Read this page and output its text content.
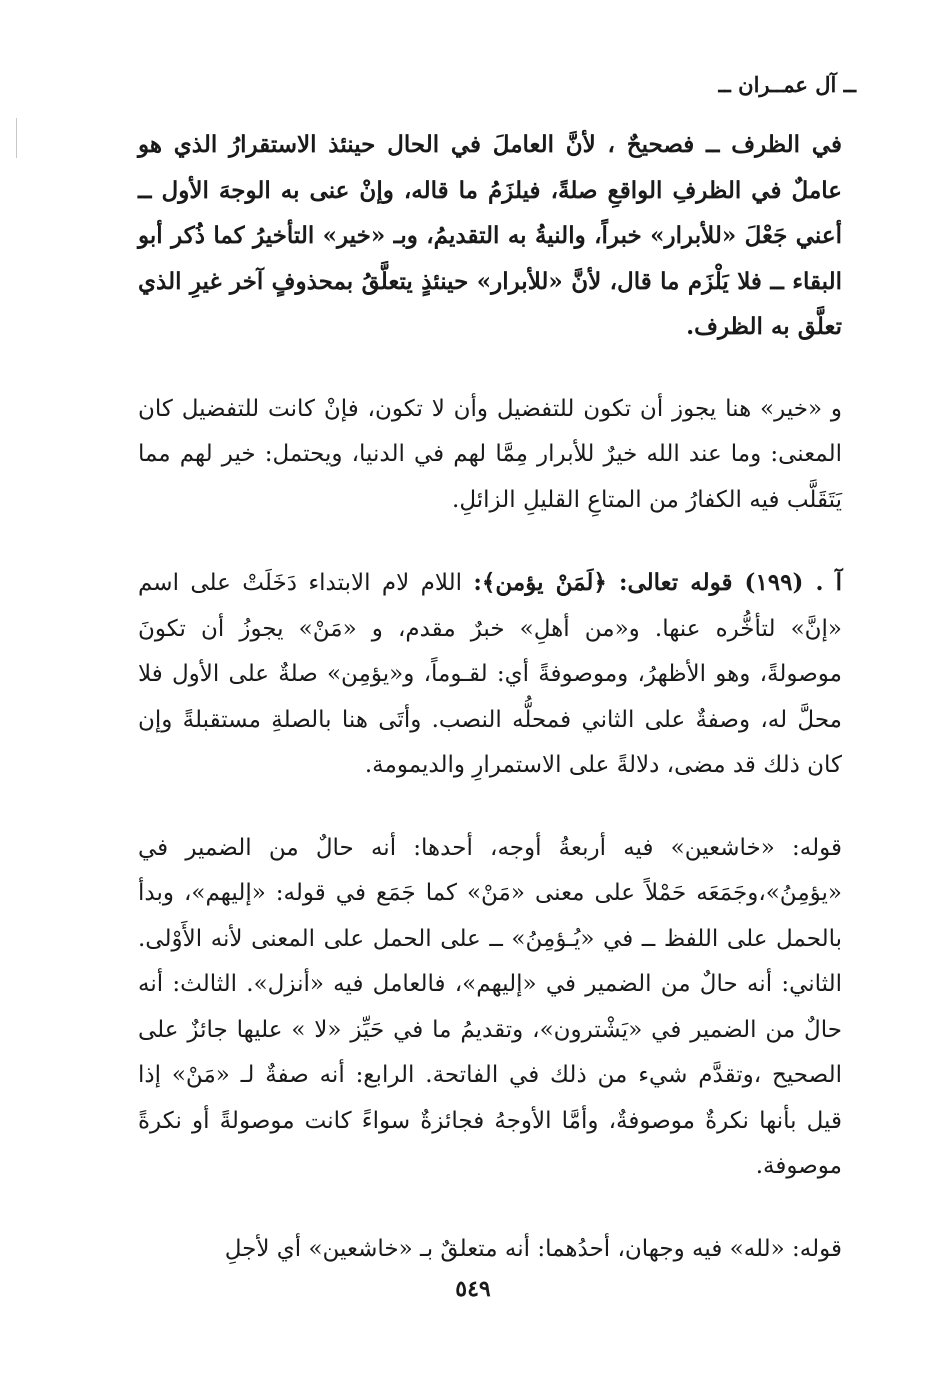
ــ آل عمــران ــ

في الظرف ــ فصحيحٌ ، لأنَّ العاملَ في الحال حينئذ الاستقرارُ الذي هو عاملٌ في الظرفِ الواقعِ صلةً، فيلزَمُ ما قاله، وإنْ عنى به الوجهَ الأول ــ أعني جَعْلَ «للأبرار» خبراً، والنيةُ به التقديمُ، وبـ «خير» التأخيرُ كما ذُكر أبو البقاء ــ فلا يَلْزَم ما قال، لأنَّ «للأبرار» حينئذٍ يتعلَّقُ بمحذوفٍ آخر غيرِ الذي تعلَّق به الظرف.

و «خير» هنا يجوز أن تكون للتفضيل وأن لا تكون، فإنْ كانت للتفضيل كان المعنى: وما عند الله خيرٌ للأبرار مِمَّا لهم في الدنيا، ويحتمل: خير لهم مما يَتَقَلَّب فيه الكفارُ من المتاعِ القليلِ الزائلِ.

آ . (١٩٩) قوله تعالى: ﴿لَمَنْ يؤمن﴾: اللام لام الابتداء دَخَلَتْ على اسم «إنَّ» لتأخُّره عنها. و«من أهلِ» خبرٌ مقدم، و «مَنْ» يجوزُ أن تكونَ موصولةً، وهو الأظهرُ، وموصوفةً أي: لقـوماً، و«يؤمِن» صلةٌ على الأول فلا محلَّ له، وصفةٌ على الثاني فمحلُّه النصب. وأتَى هنا بالصلةِ مستقبلةً وإن كان ذلك قد مضى، دلالةً على الاستمرارِ والديمومة.

قوله: «خاشعين» فيه أربعةُ أوجه، أحدها: أنه حالٌ من الضمير في «يؤمِنُ»،وجَمَعَه حَمْلاً على معنى «مَنْ» كما جَمَع في قوله: «إليهم»، وبدأ بالحمل على اللفظ ــ في «يُـؤمِنُ» ــ على الحمل على المعنى لأنه الأَوْلى. الثاني: أنه حالٌ من الضمير في «إليهم»، فالعامل فيه «أنزل». الثالث: أنه حالٌ من الضمير في «يَشْترون»، وتقديمُ ما في حَيِّز «لا » عليها جائزٌ على الصحيح ،وتقدَّم شيء من ذلك في الفاتحة. الرابع: أنه صفةٌ لـ «مَنْ» إذا قيل بأنها نكرةٌ موصوفةٌ، وأمَّا الأوجهُ فجائزةٌ سواءً كانت موصولةً أو نكرةً موصوفة.

قوله: «لله» فيه وجهان، أحدُهما: أنه متعلقٌ بـ «خاشعين» أي لأجلِ

٥٤٩
